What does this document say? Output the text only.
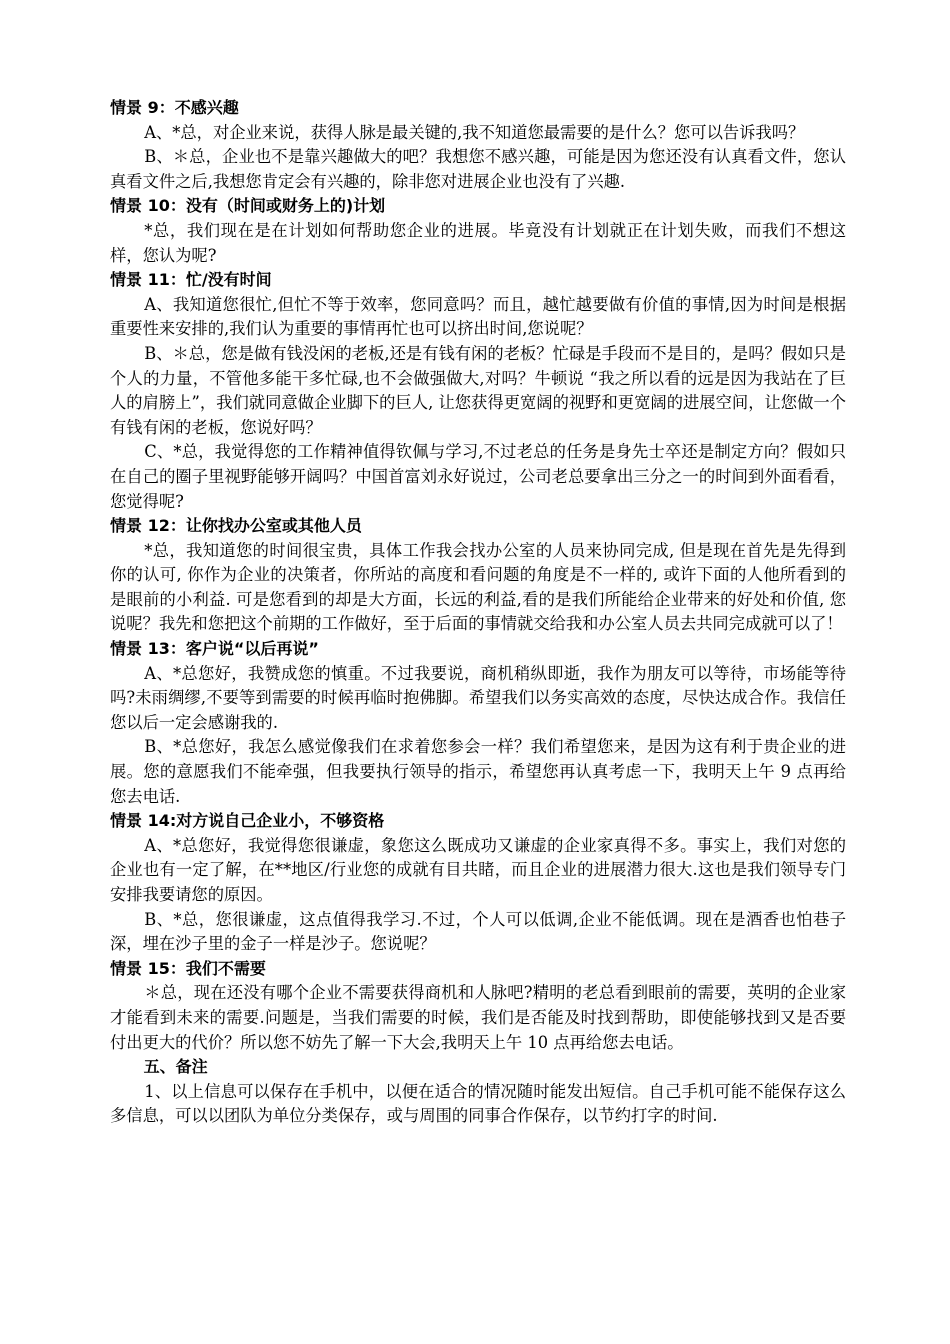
情景 9：不感兴趣

A、*总，对企业来说，获得人脉是最关键的,我不知道您最需要的是什么？您可以告诉我吗？

B、＊总，企业也不是靠兴趣做大的吧？我想您不感兴趣，可能是因为您还没有认真看文件，您认真看文件之后,我想您肯定会有兴趣的，除非您对进展企业也没有了兴趣.

情景 10：没有（时间或财务上的)计划

*总，我们现在是在计划如何帮助您企业的进展。毕竟没有计划就正在计划失败，而我们不想这样，您认为呢?

情景 11：忙/没有时间

A、我知道您很忙,但忙不等于效率，您同意吗？而且，越忙越要做有价值的事情,因为时间是根据重要性来安排的,我们认为重要的事情再忙也可以挤出时间,您说呢？

B、＊总，您是做有钱没闲的老板,还是有钱有闲的老板？忙碌是手段而不是目的，是吗？假如只是个人的力量，不管他多能干多忙碌,也不会做强做大,对吗？牛顿说 “我之所以看的远是因为我站在了巨人的肩膀上”，我们就同意做企业脚下的巨人, 让您获得更宽阔的视野和更宽阔的进展空间，让您做一个有钱有闲的老板，您说好吗？

C、*总，我觉得您的工作精神值得钦佩与学习,不过老总的任务是身先士卒还是制定方向？假如只在自己的圈子里视野能够开阔吗？中国首富刘永好说过，公司老总要拿出三分之一的时间到外面看看，您觉得呢?

情景 12：让你找办公室或其他人员

*总，我知道您的时间很宝贵，具体工作我会找办公室的人员来协同完成, 但是现在首先是先得到你的认可, 你作为企业的决策者，你所站的高度和看问题的角度是不一样的, 或许下面的人他所看到的是眼前的小利益. 可是您看到的却是大方面，长远的利益,看的是我们所能给企业带来的好处和价值, 您说呢？我先和您把这个前期的工作做好，至于后面的事情就交给我和办公室人员去共同完成就可以了！

情景 13：客户说“以后再说”

A、*总您好，我赞成您的慎重。不过我要说，商机稍纵即逝，我作为朋友可以等待，市场能等待吗?未雨绸缪,不要等到需要的时候再临时抱佛脚。希望我们以务实高效的态度，尽快达成合作。我信任您以后一定会感谢我的.

B、*总您好，我怎么感觉像我们在求着您参会一样？我们希望您来，是因为这有利于贵企业的进展。您的意愿我们不能牵强，但我要执行领导的指示，希望您再认真考虑一下，我明天上午 9 点再给您去电话.

情景 14:对方说自己企业小，不够资格

A、*总您好，我觉得您很谦虚，象您这么既成功又谦虚的企业家真得不多。事实上，我们对您的企业也有一定了解，在**地区/行业您的成就有目共睹，而且企业的进展潜力很大.这也是我们领导专门安排我要请您的原因。

B、*总，您很谦虚，这点值得我学习.不过，个人可以低调,企业不能低调。现在是酒香也怕巷子深，埋在沙子里的金子一样是沙子。您说呢？

情景 15：我们不需要

＊总，现在还没有哪个企业不需要获得商机和人脉吧?精明的老总看到眼前的需要，英明的企业家才能看到未来的需要.问题是，当我们需要的时候，我们是否能及时找到帮助，即使能够找到又是否要付出更大的代价？所以您不妨先了解一下大会,我明天上午 10 点再给您去电话。

五、备注

1、以上信息可以保存在手机中，以便在适合的情况随时能发出短信。自己手机可能不能保存这么多信息，可以以团队为单位分类保存，或与周围的同事合作保存，以节约打字的时间.
